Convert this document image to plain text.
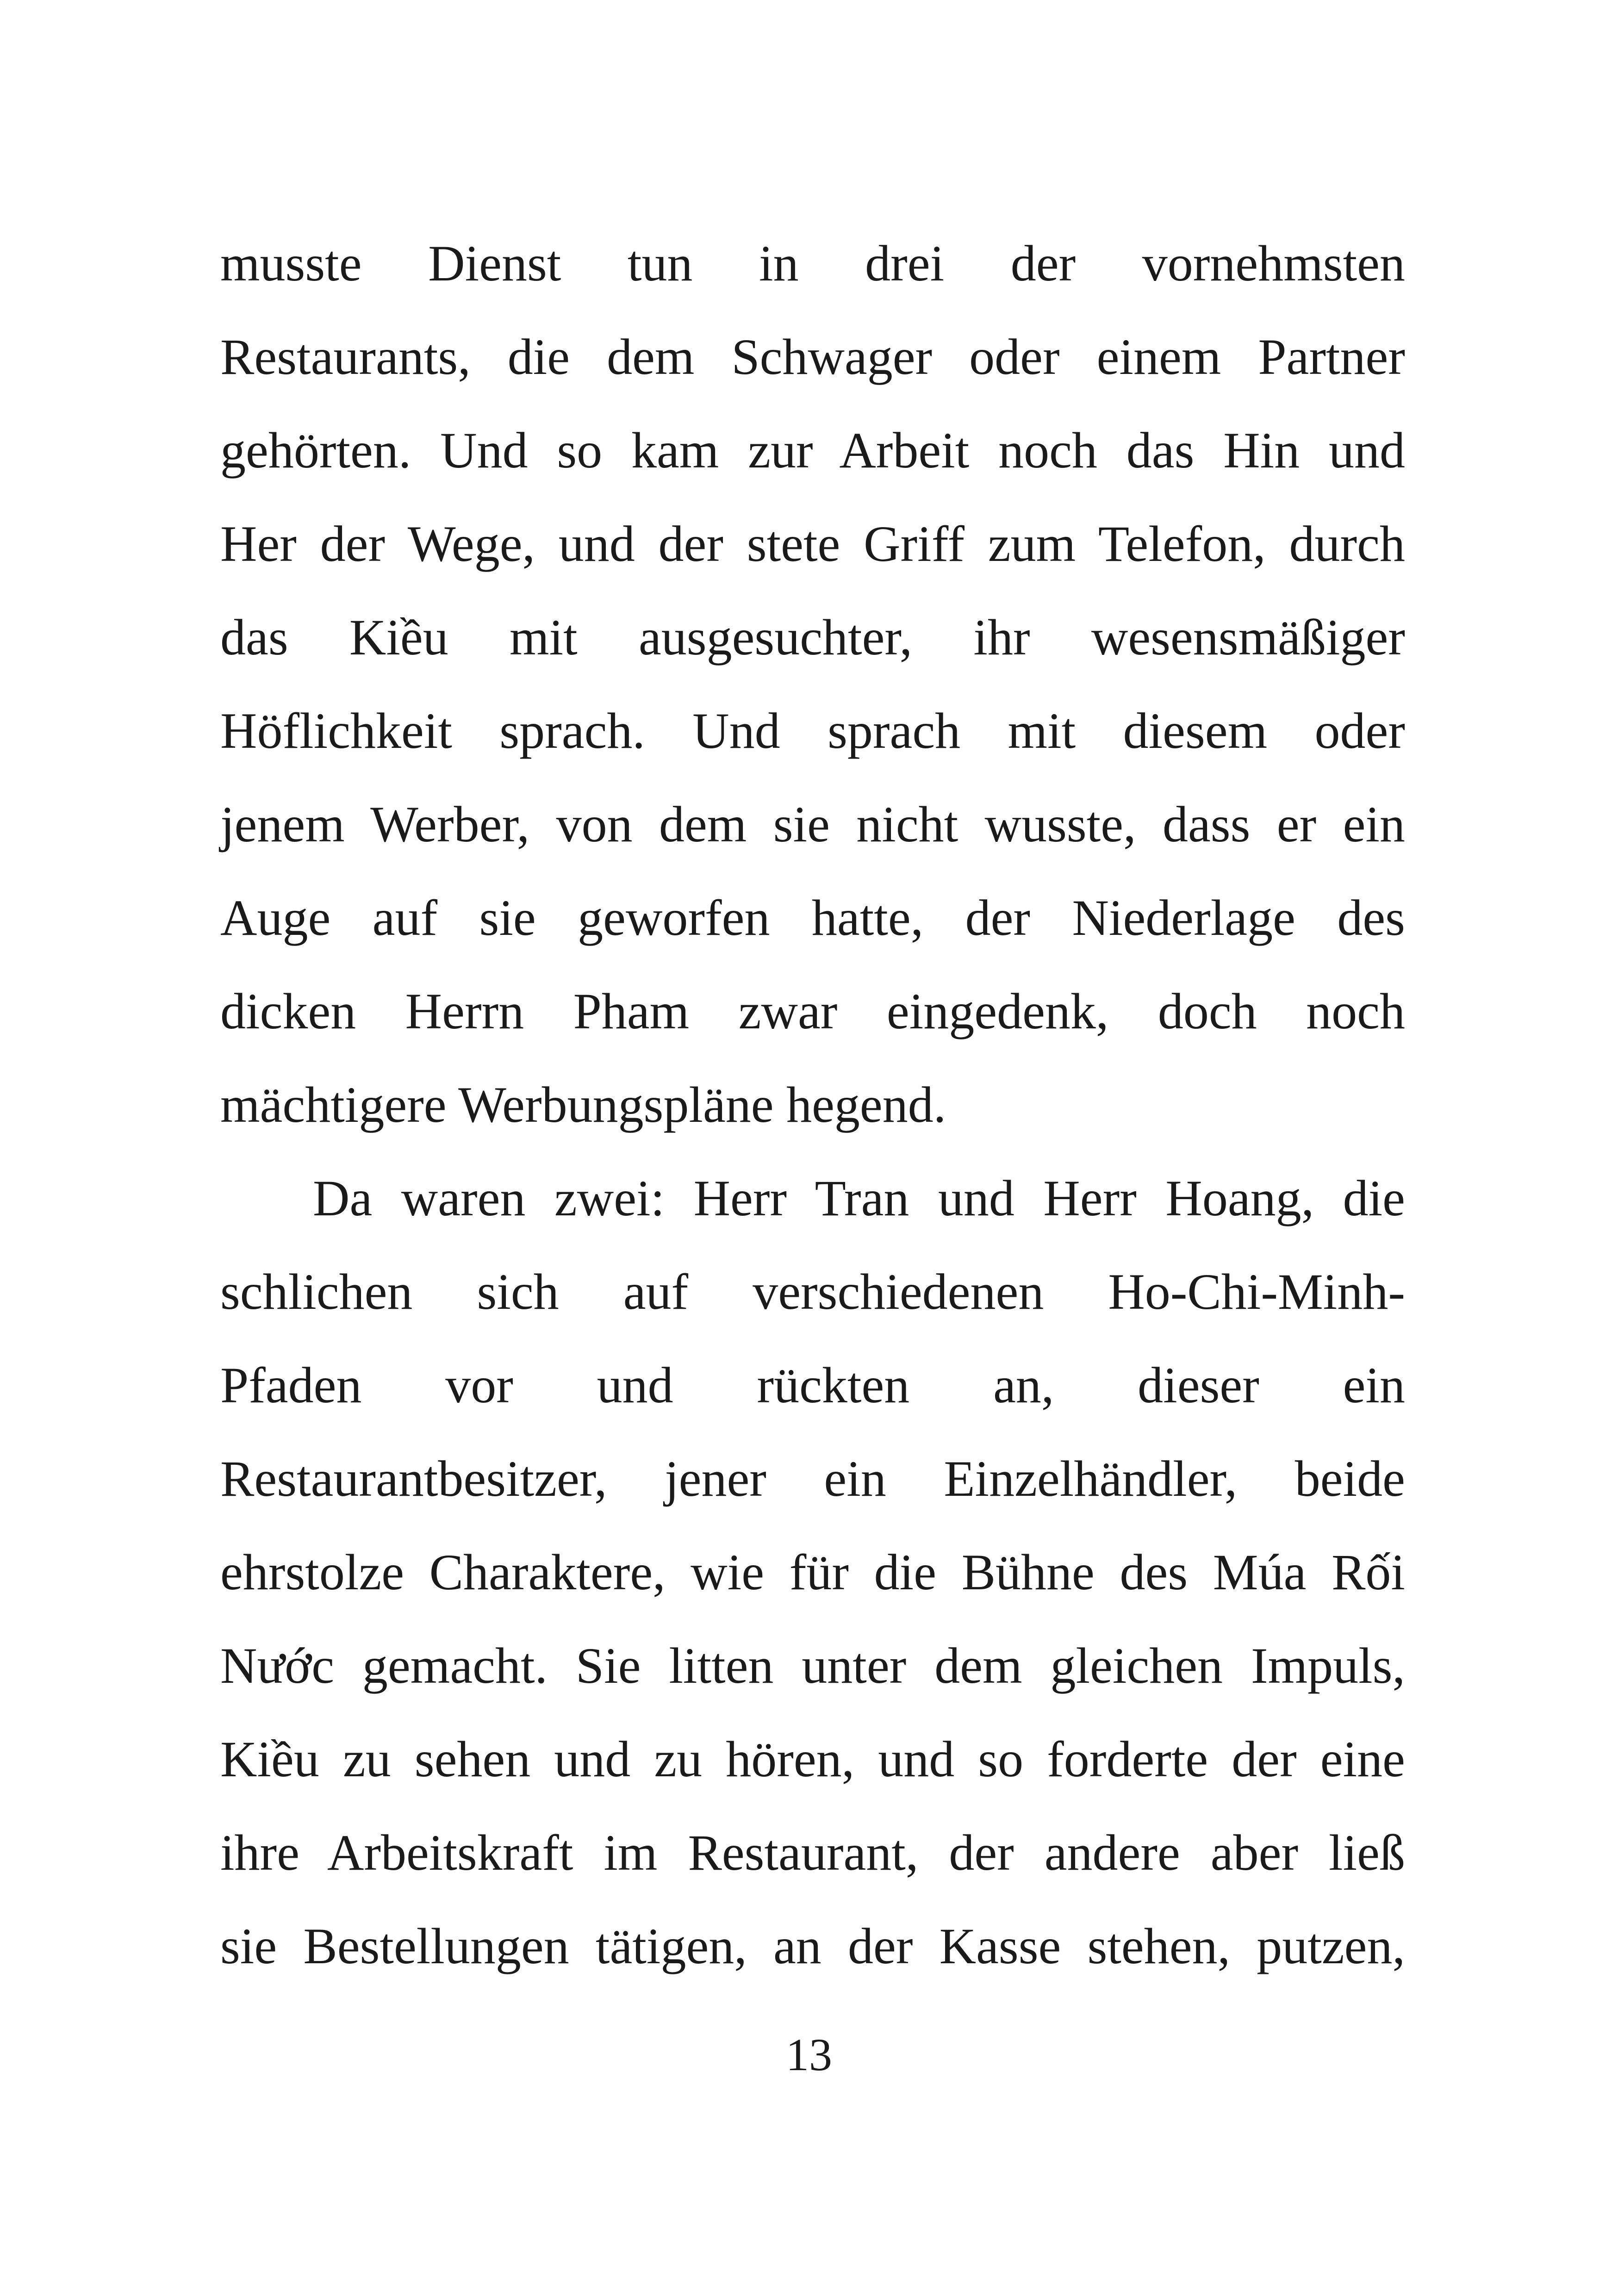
musste Dienst tun in drei der vornehmsten
Restaurants, die dem Schwager oder einem Partner
gehörten. Und so kam zur Arbeit noch das Hin und
Her der Wege, und der stete Griff zum Telefon, durch
das Kiều mit ausgesuchter, ihr wesensmäßiger
Höflichkeit sprach. Und sprach mit diesem oder
jenem Werber, von dem sie nicht wusste, dass er ein
Auge auf sie geworfen hatte, der Niederlage des
dicken Herrn Pham zwar eingedenk, doch noch
mächtigere Werbungspläne hegend.

Da waren zwei: Herr Tran und Herr Hoang, die
schlichen sich auf verschiedenen Ho-Chi-Minh-
Pfaden vor und rückten an, dieser ein
Restaurantbesitzer, jener ein Einzelhändler, beide
ehrstolze Charaktere, wie für die Bühne des Múa Rối
Nước gemacht. Sie litten unter dem gleichen Impuls,
Kiều zu sehen und zu hören, und so forderte der eine
ihre Arbeitskraft im Restaurant, der andere aber ließ
sie Bestellungen tätigen, an der Kasse stehen, putzen,

13
